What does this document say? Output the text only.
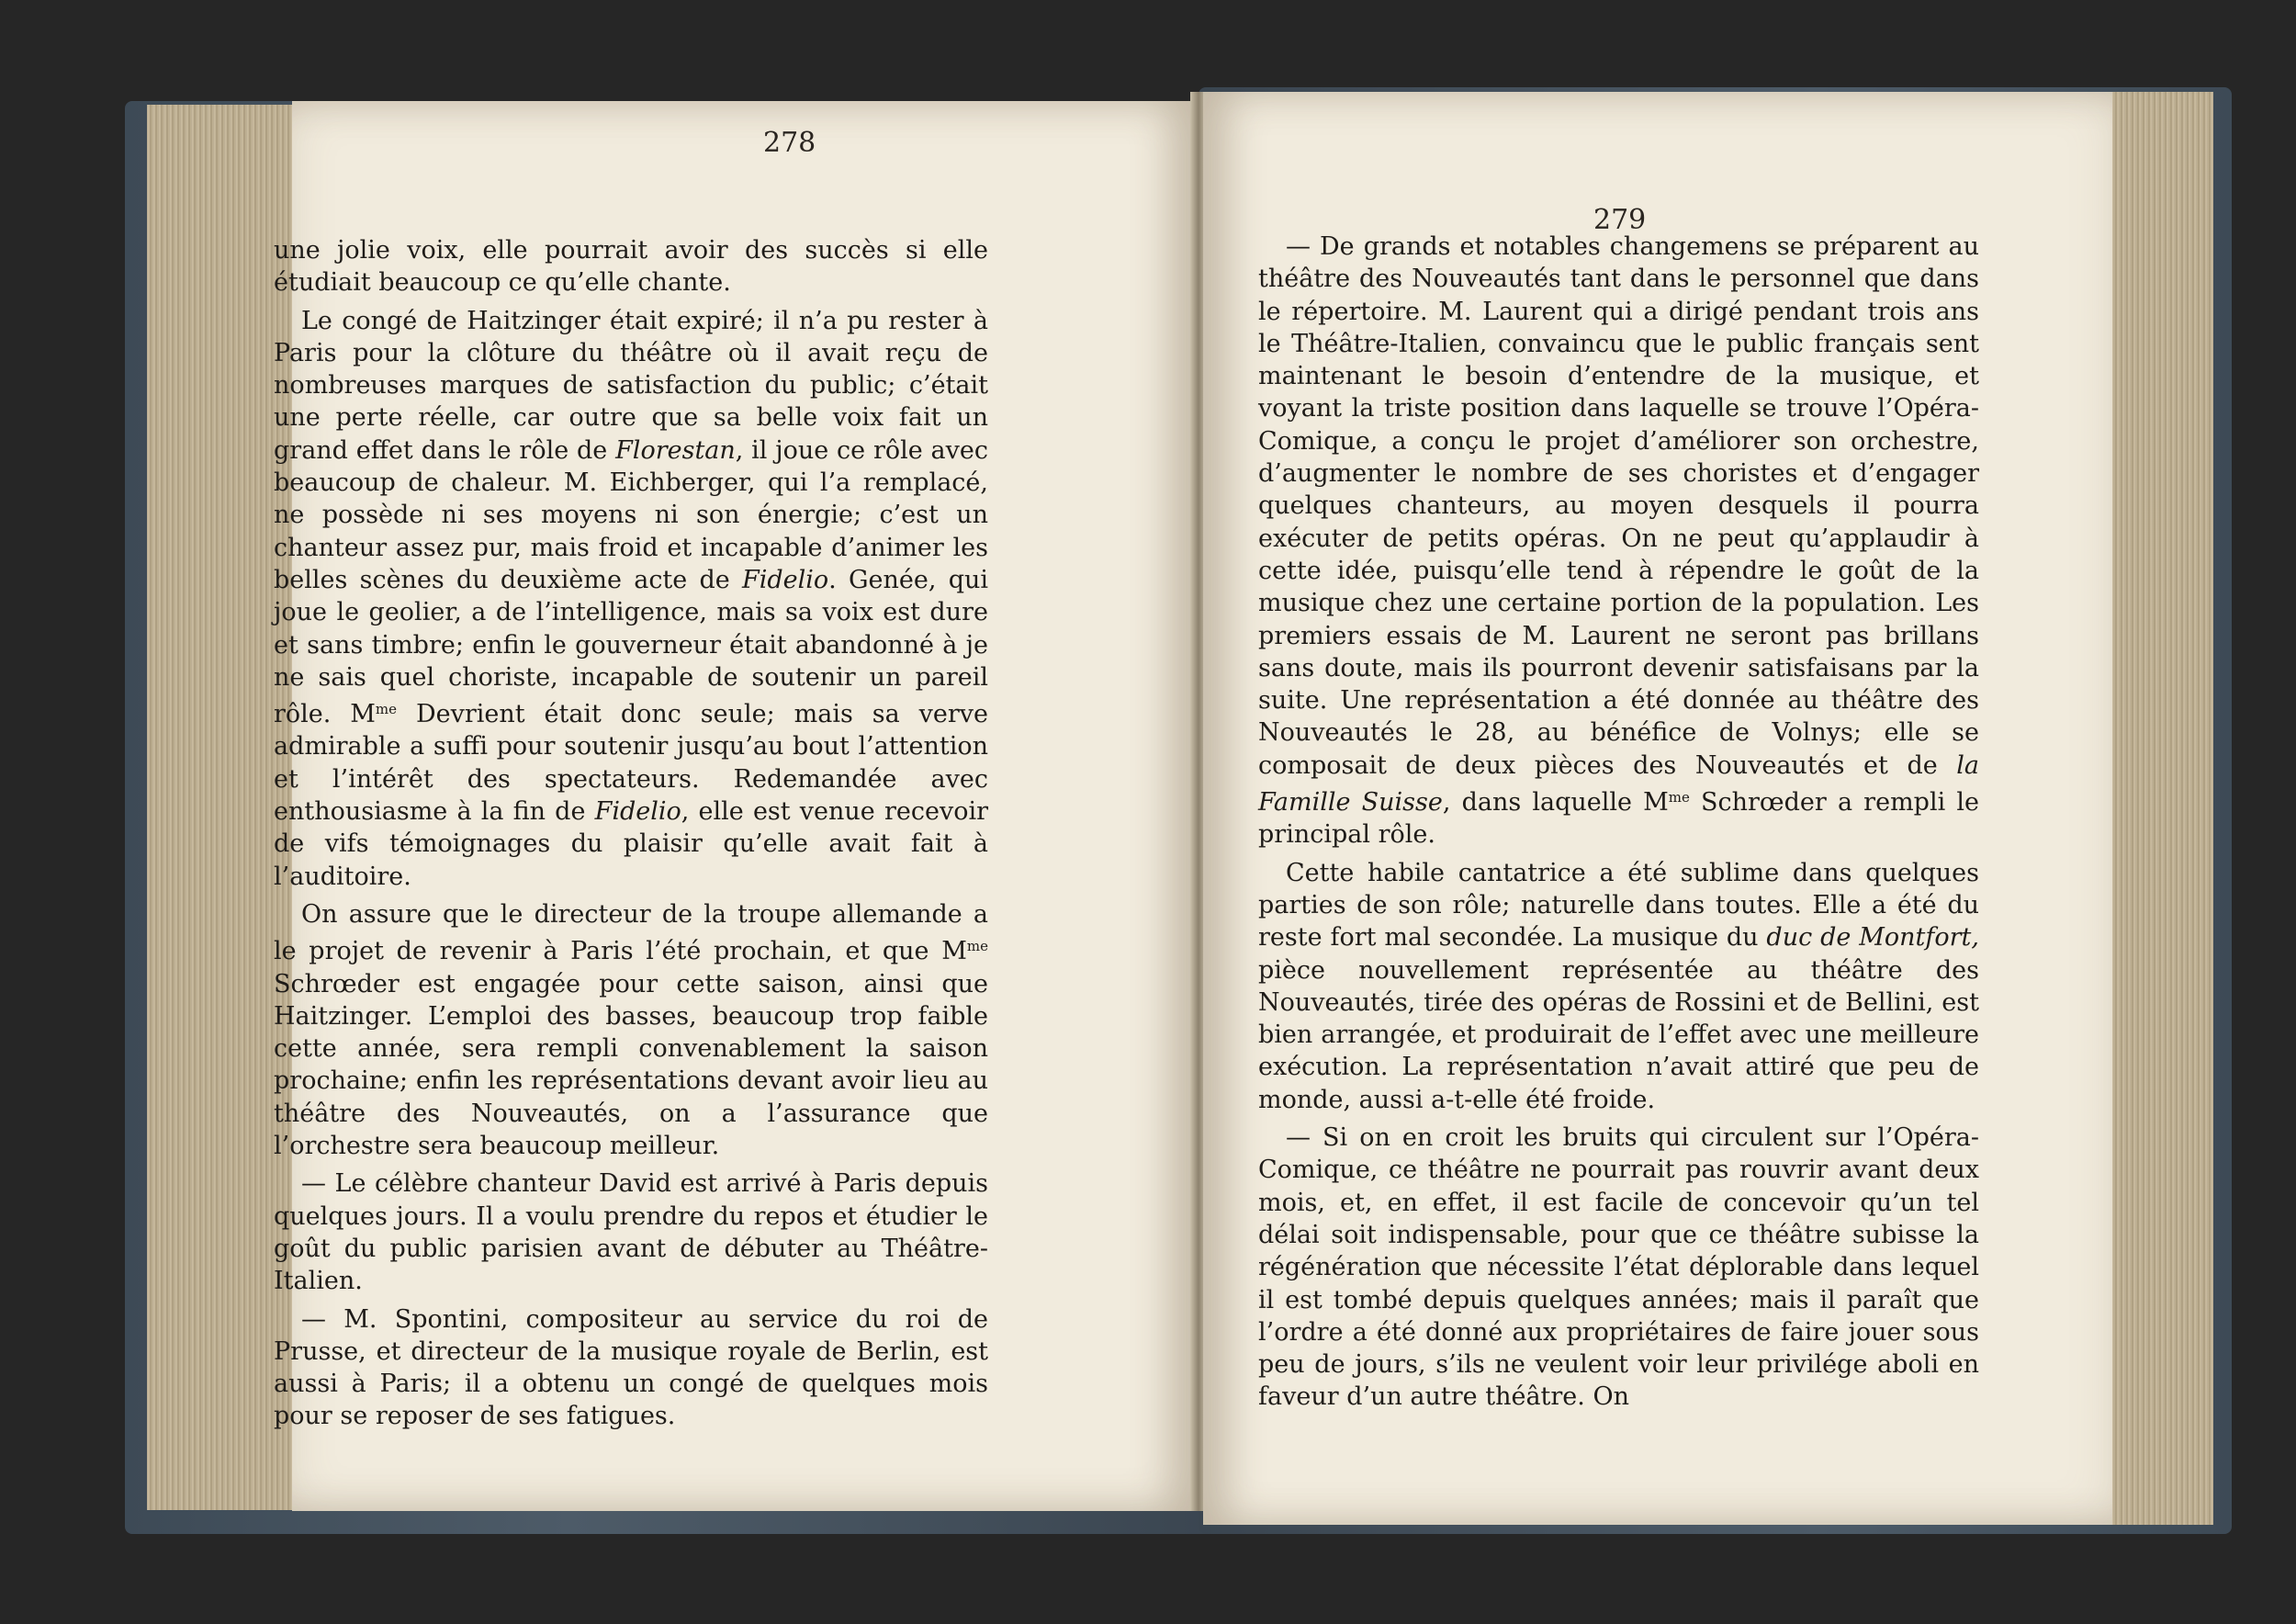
278

une jolie voix, elle pourrait avoir des succès si elle étudiait beaucoup ce qu’elle chante.

Le congé de Haitzinger était expiré; il n’a pu rester à Paris pour la clôture du théâtre où il avait reçu de nombreuses marques de satisfaction du public; c’était une perte réelle, car outre que sa belle voix fait un grand effet dans le rôle de Florestan, il joue ce rôle avec beaucoup de chaleur. M. Eichberger, qui l’a remplacé, ne possède ni ses moyens ni son énergie; c’est un chanteur assez pur, mais froid et incapable d’animer les belles scènes du deuxième acte de Fidelio. Genée, qui joue le geolier, a de l’intelligence, mais sa voix est dure et sans timbre; enfin le gouverneur était abandonné à je ne sais quel choriste, incapable de soutenir un pareil rôle. $M^{me}$ Devrient était donc seule; mais sa verve admirable a suffi pour soutenir jusqu’au bout l’attention et l’intérêt des spectateurs. Redemandée avec enthousiasme à la fin de Fidelio, elle est venue recevoir de vifs témoignages du plaisir qu’elle avait fait à l’auditoire.

On assure que le directeur de la troupe allemande a le projet de revenir à Paris l’été prochain, et que $M^{me}$ Schrœder est engagée pour cette saison, ainsi que Haitzinger. L’emploi des basses, beaucoup trop faible cette année, sera rempli convenablement la saison prochaine; enfin les représentations devant avoir lieu au théâtre des Nouveautés, on a l’assurance que l’orchestre sera beaucoup meilleur.

— Le célèbre chanteur David est arrivé à Paris depuis quelques jours. Il a voulu prendre du repos et étudier le goût du public parisien avant de débuter au Théâtre-Italien.

— M. Spontini, compositeur au service du roi de Prusse, et directeur de la musique royale de Berlin, est aussi à Paris; il a obtenu un congé de quelques mois pour se reposer de ses fatigues.

279

— De grands et notables changemens se préparent au théâtre des Nouveautés tant dans le personnel que dans le répertoire. M. Laurent qui a dirigé pendant trois ans le Théâtre-Italien, convaincu que le public français sent maintenant le besoin d’entendre de la musique, et voyant la triste position dans laquelle se trouve l’Opéra-Comique, a conçu le projet d’améliorer son orchestre, d’augmenter le nombre de ses choristes et d’engager quelques chanteurs, au moyen desquels il pourra exécuter de petits opéras. On ne peut qu’applaudir à cette idée, puisqu’elle tend à répendre le goût de la musique chez une certaine portion de la population. Les premiers essais de M. Laurent ne seront pas brillans sans doute, mais ils pourront devenir satisfaisans par la suite. Une représentation a été donnée au théâtre des Nouveautés le 28, au bénéfice de Volnys; elle se composait de deux pièces des Nouveautés et de la Famille Suisse, dans laquelle $M^{me}$ Schrœder a rempli le principal rôle.

Cette habile cantatrice a été sublime dans quelques parties de son rôle; naturelle dans toutes. Elle a été du reste fort mal secondée. La musique du duc de Montfort, pièce nouvellement représentée au théâtre des Nouveautés, tirée des opéras de Rossini et de Bellini, est bien arrangée, et produirait de l’effet avec une meilleure exécution. La représentation n’avait attiré que peu de monde, aussi a-t-elle été froide.

— Si on en croit les bruits qui circulent sur l’Opéra-Comique, ce théâtre ne pourrait pas rouvrir avant deux mois, et, en effet, il est facile de concevoir qu’un tel délai soit indispensable, pour que ce théâtre subisse la régénération que nécessite l’état déplorable dans lequel il est tombé depuis quelques années; mais il paraît que l’ordre a été donné aux propriétaires de faire jouer sous peu de jours, s’ils ne veulent voir leur privilége aboli en faveur d’un autre théâtre. On
